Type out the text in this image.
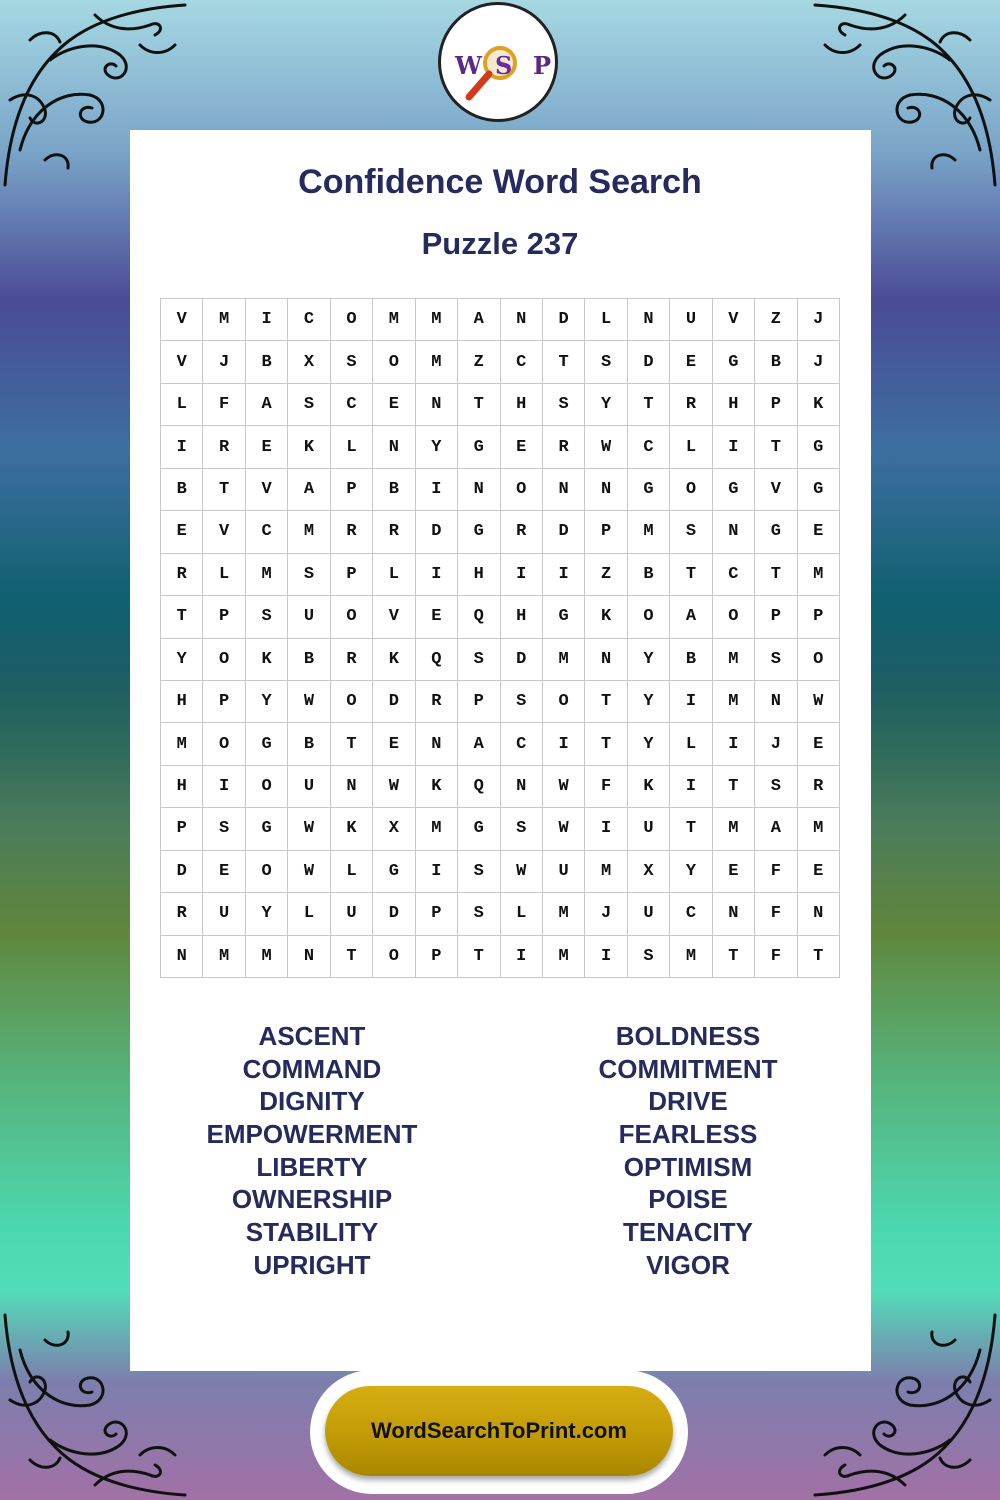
W S P
Confidence Word Search
Puzzle 237
V	M	I	C	O	M	M	A	N	D	L	N	U	V	Z	J
V	J	B	X	S	O	M	Z	C	T	S	D	E	G	B	J
L	F	A	S	C	E	N	T	H	S	Y	T	R	H	P	K
I	R	E	K	L	N	Y	G	E	R	W	C	L	I	T	G
B	T	V	A	P	B	I	N	O	N	N	G	O	G	V	G
E	V	C	M	R	R	D	G	R	D	P	M	S	N	G	E
R	L	M	S	P	L	I	H	I	I	Z	B	T	C	T	M
T	P	S	U	O	V	E	Q	H	G	K	O	A	O	P	P
Y	O	K	B	R	K	Q	S	D	M	N	Y	B	M	S	O
H	P	Y	W	O	D	R	P	S	O	T	Y	I	M	N	W
M	O	G	B	T	E	N	A	C	I	T	Y	L	I	J	E
H	I	O	U	N	W	K	Q	N	W	F	K	I	T	S	R
P	S	G	W	K	X	M	G	S	W	I	U	T	M	A	M
D	E	O	W	L	G	I	S	W	U	M	X	Y	E	F	E
R	U	Y	L	U	D	P	S	L	M	J	U	C	N	F	N
N	M	M	N	T	O	P	T	I	M	I	S	M	T	F	T
ASCENT
COMMAND
DIGNITY
EMPOWERMENT
LIBERTY
OWNERSHIP
STABILITY
UPRIGHT
BOLDNESS
COMMITMENT
DRIVE
FEARLESS
OPTIMISM
POISE
TENACITY
VIGOR
WordSearchToPrint.com
